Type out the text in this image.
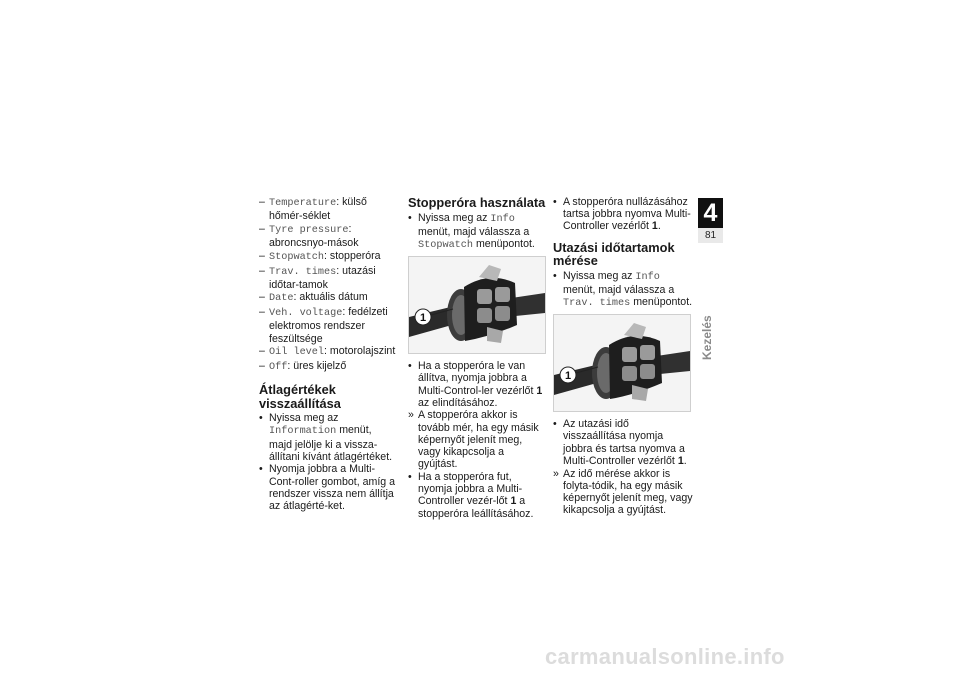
– Temperature: külső hőmér-séklet
– Tyre pressure: abroncsnyo-mások
– Stopwatch: stopperóra
– Trav. times: utazási időtar-tamok
– Date: aktuális dátum
– Veh. voltage: fedélzeti elektromos rendszer feszültsége
– Oil level: motorolajszint
– Off: üres kijelző
Átlagértékek visszaállítása
• Nyissa meg az Information menüt, majd jelölje ki a vissza-állítani kívánt átlagértéket.
• Nyomja jobbra a Multi-Cont-roller gombot, amíg a rendszer vissza nem állítja az átlagérté-ket.
Stopperóra használata
• Nyissa meg az Info menüt, majd válassza a Stopwatch menüpontot.
1
• Ha a stopperóra le van állítva, nyomja jobbra a Multi-Control-ler vezérlőt 1 az elindításához.
» A stopperóra akkor is tovább mér, ha egy másik képernyőt jelenít meg, vagy kikapcsolja a gyújtást.
• Ha a stopperóra fut, nyomja jobbra a Multi-Controller vezér-lőt 1 a stopperóra leállításához.
• A stopperóra nullázásához tartsa jobbra nyomva Multi-Controller vezérlőt 1.
Utazási időtartamok mérése
• Nyissa meg az Info menüt, majd válassza a Trav. times menüpontot.
1
• Az utazási idő visszaállítása nyomja jobbra és tartsa nyomva a Multi-Controller vezérlőt 1.
» Az idő mérése akkor is folyta-tódik, ha egy másik képernyőt jelenít meg, vagy kikapcsolja a gyújtást.
4
81
Kezelés
carmanualsonline.info
